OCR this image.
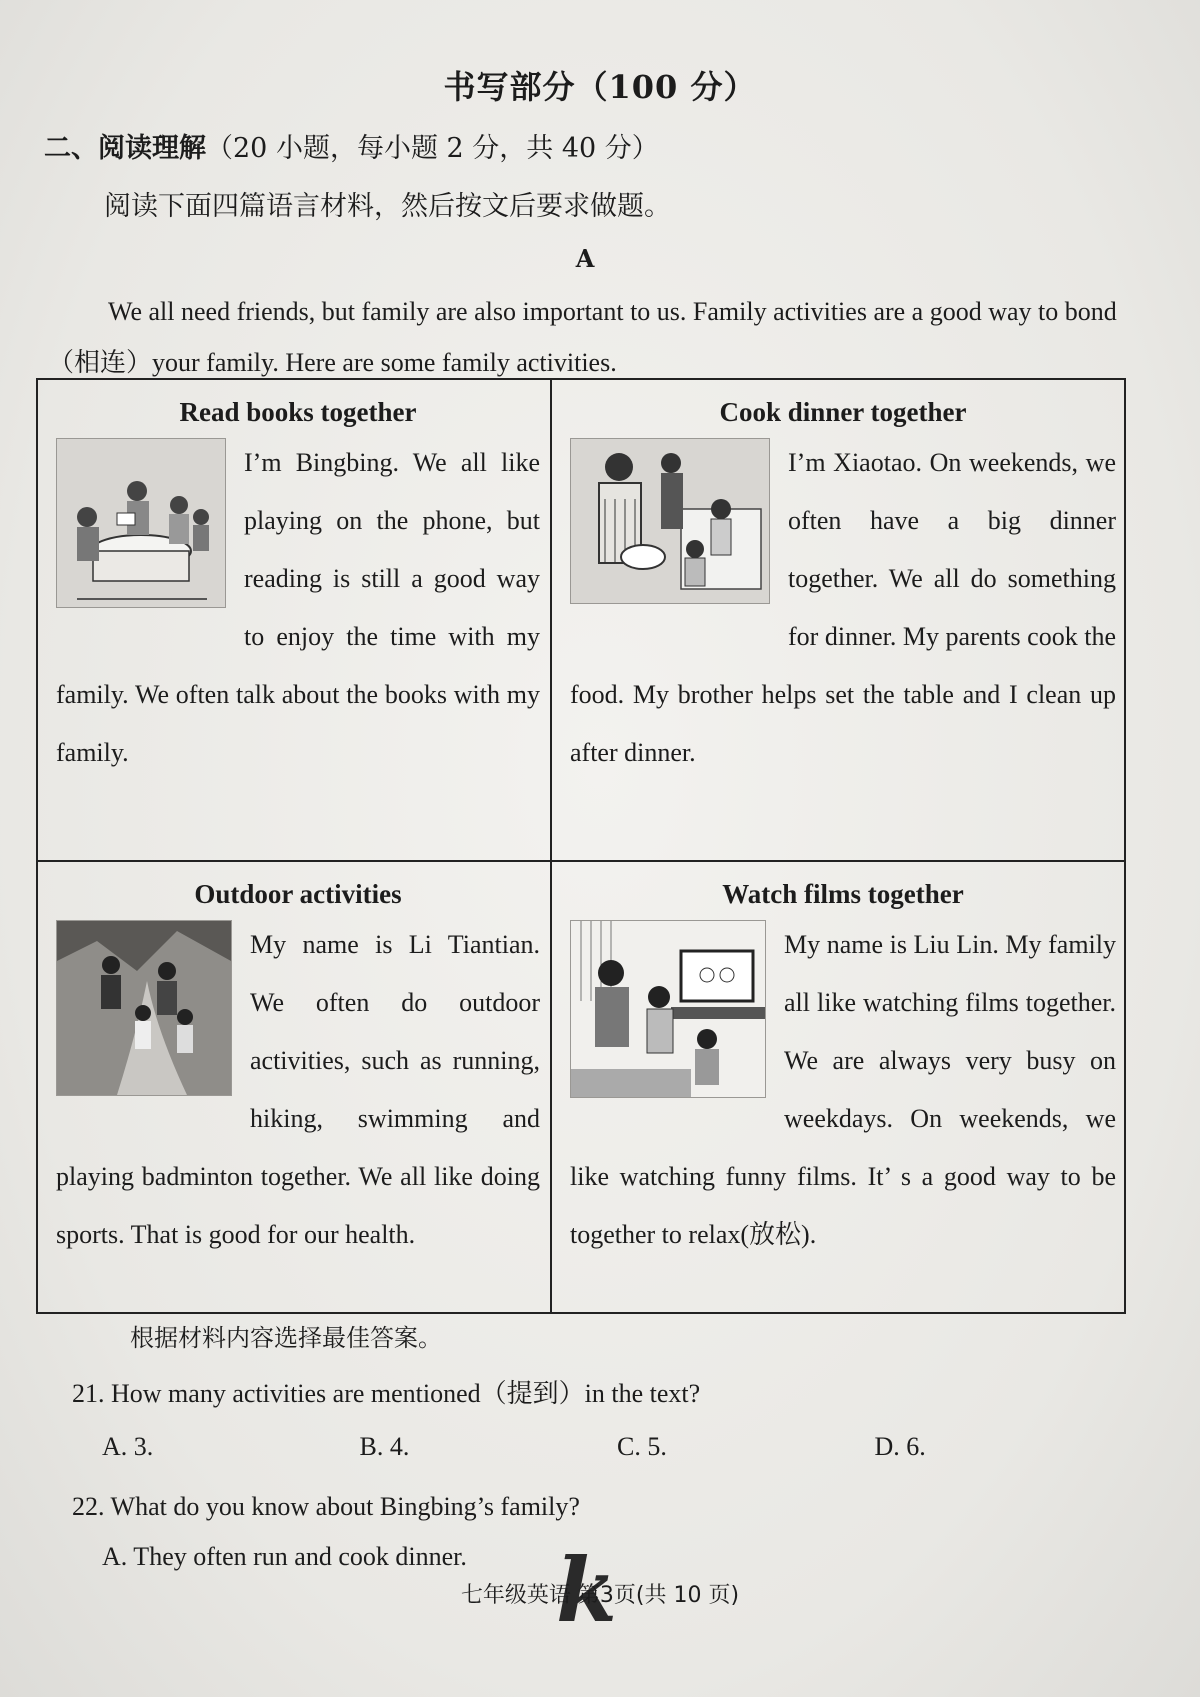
书写部分（100 分）
二、阅读理解（20 小题，每小题 2 分，共 40 分）
阅读下面四篇语言材料，然后按文后要求做题。
A

We all need friends, but family are also important to us. Family activities are a good way to bond（相连）your family. Here are some family activities.

Read books together

I’m Bingbing. We all like playing on the phone, but reading is still a good way to enjoy the time with my family. We often talk about the books with my family.

Cook dinner together

I’m Xiaotao. On weekends, we often have a big dinner together. We all do something for dinner. My parents cook the food. My brother helps set the table and I clean up after dinner.

Outdoor activities

My name is Li Tiantian. We often do outdoor activities, such as running, hiking, swimming and playing badminton together. We all like doing sports. That is good for our health.

Watch films together

My name is Liu Lin. My family all like watching films together. We are always very busy on weekdays. On weekends, we like watching funny films. It’ s a good way to be together to relax(放松).

根据材料内容选择最佳答案。
21. How many activities are mentioned（提到）in the text?
A. 3.	B. 4.	C. 5.	D. 6.
22. What do you know about Bingbing’s family?
A. They often run and cook dinner.	k
七年级英语 第3页(共 10 页)
